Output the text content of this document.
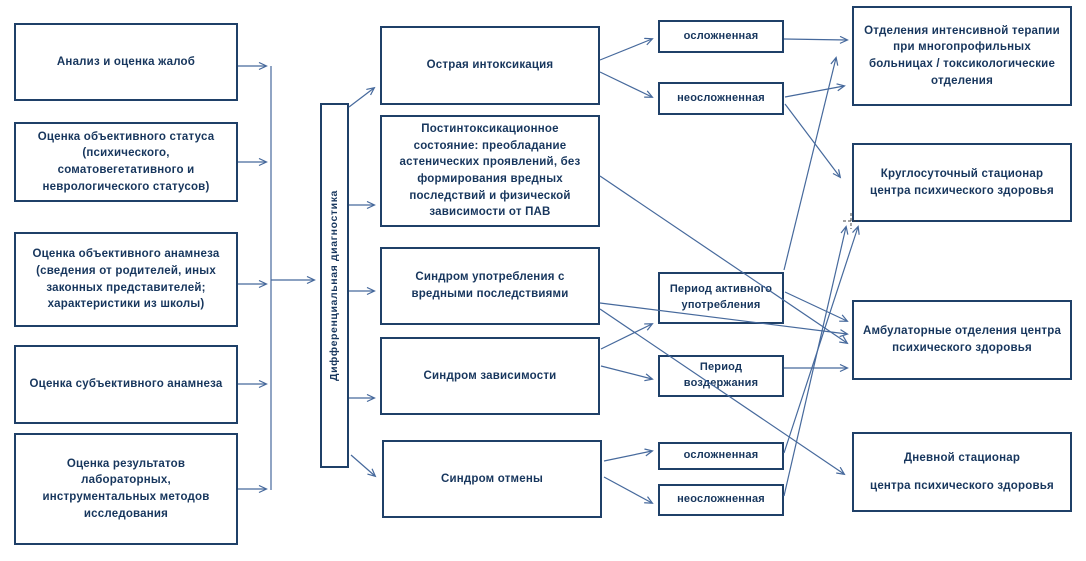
Анализ и оценка жалоб
Оценка объективного статуса
(психического, соматовегетативного и неврологического статусов)
Оценка объективного анамнеза
(сведения от родителей, иных законных представителей; характеристики из школы)
Оценка субъективного анамнеза
Оценка результатов
лабораторных, инструментальных методов исследования
Дифференциальная диагностика
Острая интоксикация
Постинтоксикационное состояние: преобладание астенических проявлений, без формирования вредных последствий и физической зависимости от ПАВ
Синдром употребления с вредными последствиями
Синдром зависимости
Синдром отмены
осложненная
неосложненная
Период активного употребления
Период воздержания
осложненная
неосложненная
Отделения интенсивной терапии при многопрофильных больницах / токсикологические отделения
Круглосуточный стационар центра психического здоровья
Амбулаторные отделения центра психического здоровья
Дневной стационар
центра психического здоровья
